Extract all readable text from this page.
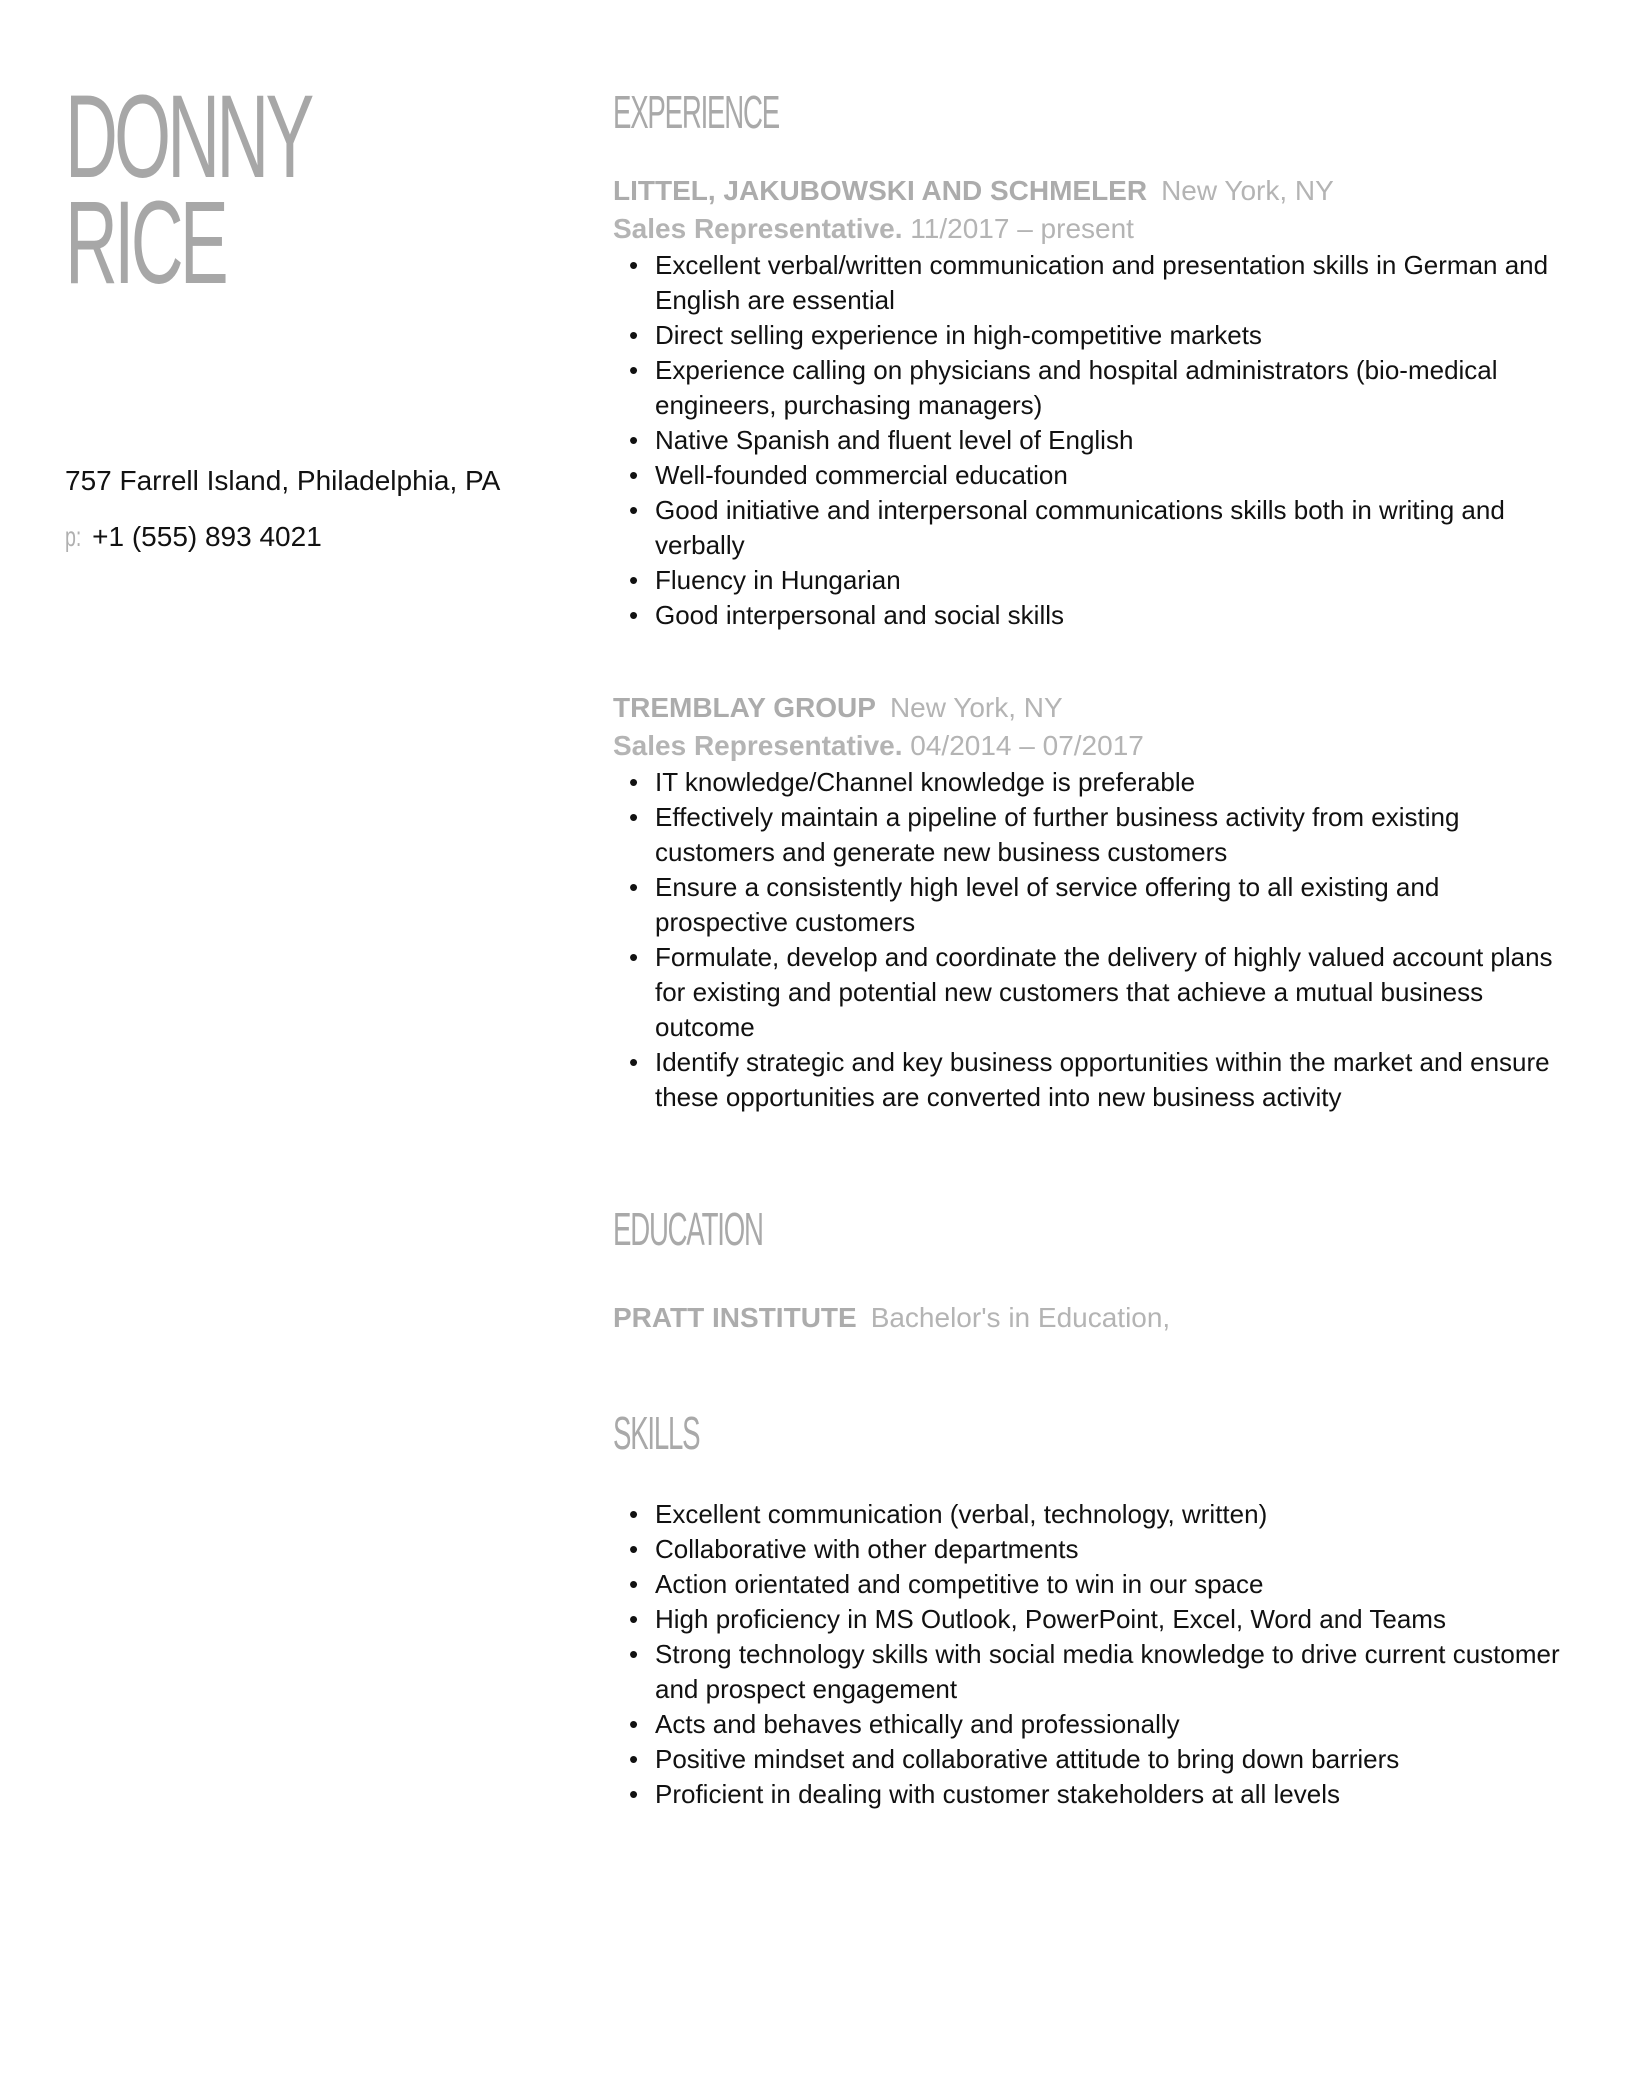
DONNY
RICE
757 Farrell Island, Philadelphia, PA
p: +1 (555) 893 4021
EXPERIENCE
LITTEL, JAKUBOWSKI AND SCHMELER New York, NY
Sales Representative. 11/2017 – present
• Excellent verbal/written communication and presentation skills in German and English are essential
• Direct selling experience in high-competitive markets
• Experience calling on physicians and hospital administrators (bio-medical engineers, purchasing managers)
• Native Spanish and fluent level of English
• Well-founded commercial education
• Good initiative and interpersonal communications skills both in writing and verbally
• Fluency in Hungarian
• Good interpersonal and social skills
TREMBLAY GROUP New York, NY
Sales Representative. 04/2014 – 07/2017
• IT knowledge/Channel knowledge is preferable
• Effectively maintain a pipeline of further business activity from existing customers and generate new business customers
• Ensure a consistently high level of service offering to all existing and prospective customers
• Formulate, develop and coordinate the delivery of highly valued account plans for existing and potential new customers that achieve a mutual business outcome
• Identify strategic and key business opportunities within the market and ensure these opportunities are converted into new business activity
EDUCATION
PRATT INSTITUTE Bachelor's in Education,
SKILLS
• Excellent communication (verbal, technology, written)
• Collaborative with other departments
• Action orientated and competitive to win in our space
• High proficiency in MS Outlook, PowerPoint, Excel, Word and Teams
• Strong technology skills with social media knowledge to drive current customer and prospect engagement
• Acts and behaves ethically and professionally
• Positive mindset and collaborative attitude to bring down barriers
• Proficient in dealing with customer stakeholders at all levels
